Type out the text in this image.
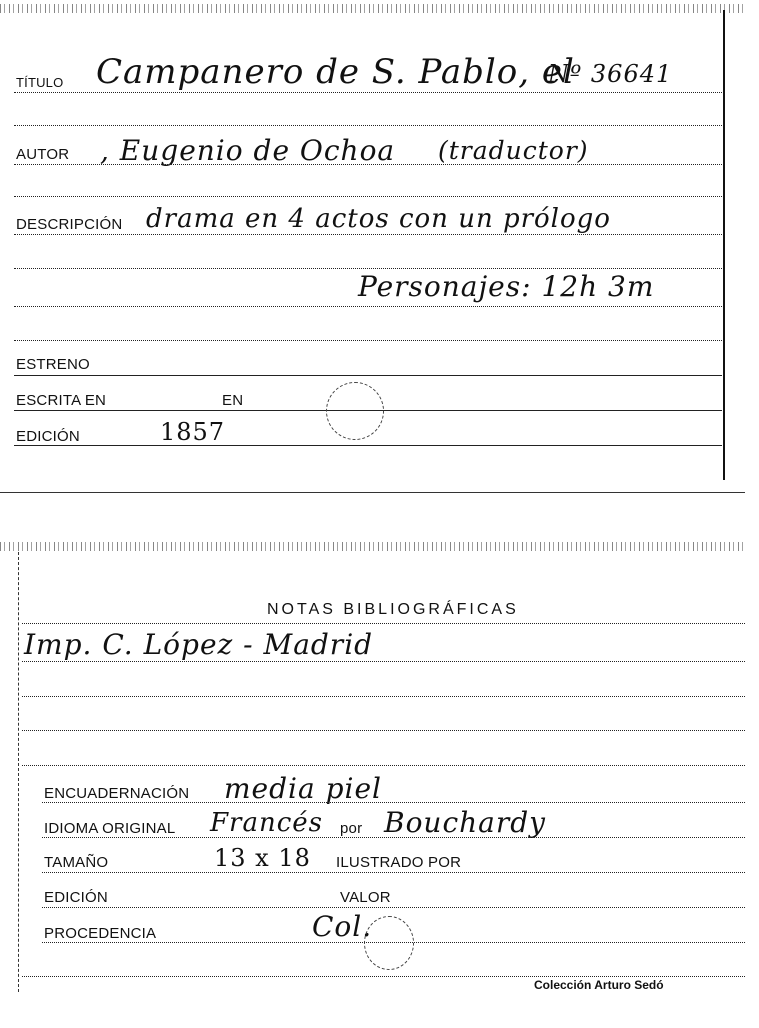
TÍTULO Campanero de S. Pablo, el
Nº 36641
AUTOR , Eugenio de Ochoa (traductor)
DESCRIPCIÓN drama en 4 actos con un prólogo
Personajes: 12h 3m
ESTRENO
ESCRITA EN	EN
EDICIÓN	1857
NOTAS BIBLIOGRÁFICAS
Imp. C. López - Madrid
ENCUADERNACIÓN media piel
IDIOMA ORIGINAL Francés por Bouchardy
TAMAÑO	13 x 18 ILUSTRADO POR
EDICIÓN	VALOR
PROCEDENCIA	Col.
Colección Arturo Sedó
